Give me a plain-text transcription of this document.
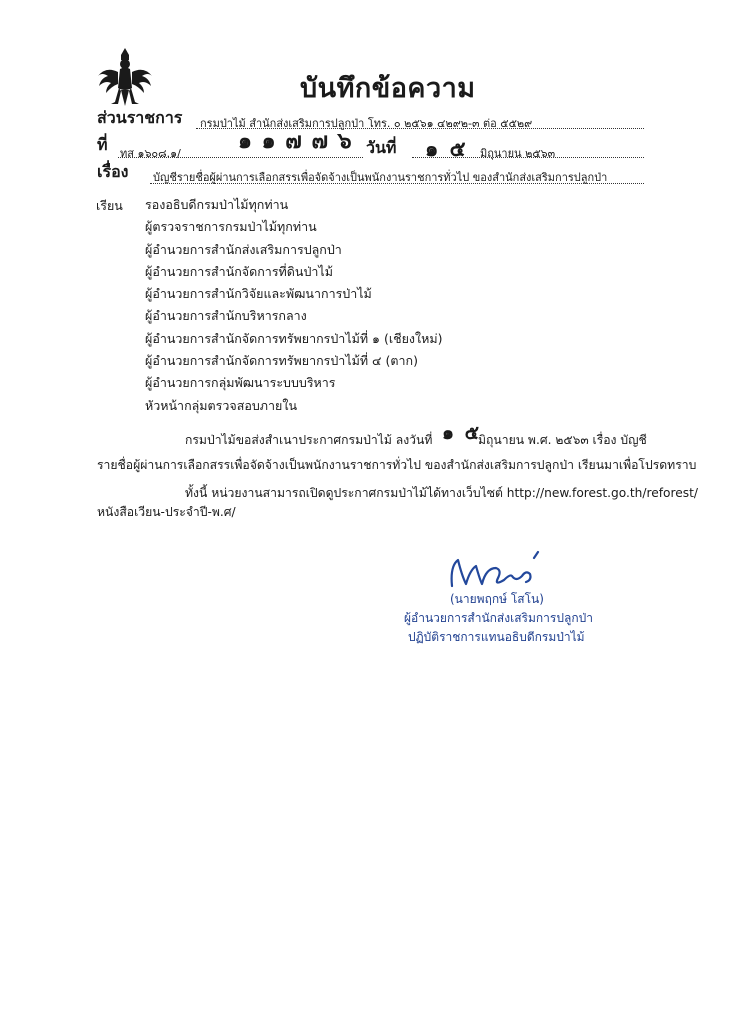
บันทึกข้อความ
ส่วนราชการ กรมป่าไม้ สำนักส่งเสริมการปลูกป่า โทร. ๐ ๒๕๖๑ ๔๒๙๒-๓ ต่อ ๕๕๒๙
ที่ ทส ๑๖๐๘.๑/	๑ ๑ ๗ ๗ ๖ วันที่ ๑ ๕ มิถุนายน ๒๕๖๓
เรื่อง บัญชีรายชื่อผู้ผ่านการเลือกสรรเพื่อจัดจ้างเป็นพนักงานราชการทั่วไป ของสำนักส่งเสริมการปลูกป่า
เรียน รองอธิบดีกรมป่าไม้ทุกท่าน
ผู้ตรวจราชการกรมป่าไม้ทุกท่าน
ผู้อำนวยการสำนักส่งเสริมการปลูกป่า
ผู้อำนวยการสำนักจัดการที่ดินป่าไม้
ผู้อำนวยการสำนักวิจัยและพัฒนาการป่าไม้
ผู้อำนวยการสำนักบริหารกลาง
ผู้อำนวยการสำนักจัดการทรัพยากรป่าไม้ที่ ๑ (เชียงใหม่)
ผู้อำนวยการสำนักจัดการทรัพยากรป่าไม้ที่ ๔ (ตาก)
ผู้อำนวยการกลุ่มพัฒนาระบบบริหาร
หัวหน้ากลุ่มตรวจสอบภายใน
กรมป่าไม้ขอส่งสำเนาประกาศกรมป่าไม้ ลงวันที่ ๑ ๕
มิถุนายน พ.ศ. ๒๕๖๓ เรื่อง บัญชี
รายชื่อผู้ผ่านการเลือกสรรเพื่อจัดจ้างเป็นพนักงานราชการทั่วไป ของสำนักส่งเสริมการปลูกป่า เรียนมาเพื่อโปรดทราบ
ทั้งนี้ หน่วยงานสามารถเปิดดูประกาศกรมป่าไม้ได้ทางเว็บไซต์ http://new.forest.go.th/reforest/
หนังสือเวียน-ประจำปี-พ.ศ/
(นายพฤกษ์ โสโน)
ผู้อำนวยการสำนักส่งเสริมการปลูกป่า
ปฏิบัติราชการแทนอธิบดีกรมป่าไม้
